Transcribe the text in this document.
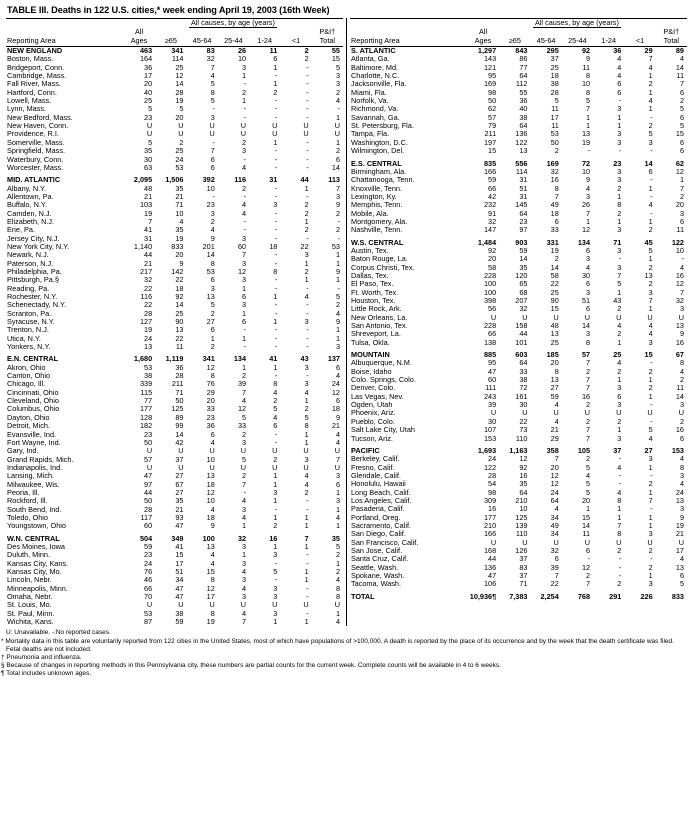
TABLE III. Deaths in 122 U.S. cities,* week ending April 19, 2003 (16th Week)
	All causes, by age (years)						
Reporting Area	All
Ages	≥65	45-64	25-44	1-24	<1	P&I†
Total

NEW ENGLAND	463	341	83	26	11	2	55
Boston, Mass.	164	114	32	10	6	2	15
Bridgeport, Conn.	36	25	7	3	1	-	5
Cambridge, Mass.	17	12	4	1	-	-	3
Fall River, Mass.	20	14	5	-	1	-	3
Hartford, Conn.	40	28	8	2	2	-	2
Lowell, Mass.	25	19	5	1	-	-	4
Lynn, Mass.	5	5	-	-	-	-	-
New Bedford, Mass.	23	20	3	-	-	-	1
New Haven, Conn.	U	U	U	U	U	U	U
Providence, R.I.	U	U	U	U	U	U	U
Somerville, Mass.	5	2	-	2	1	-	1
Springfield, Mass.	35	25	7	3	-	-	2
Waterbury, Conn.	30	24	6	-	-	-	6
Worcester, Mass.	63	53	6	4	-	-	14

MID. ATLANTIC	2,095	1,506	392	116	31	44	113
Albany, N.Y.	48	35	10	2	-	1	7
Allentown, Pa.	21	21	-	-	-	-	3
Buffalo, N.Y.	103	71	23	4	3	2	9
Camden, N.J.	19	10	3	4	-	2	2
Elizabeth, N.J.	7	4	2	-	-	1	-
Erie, Pa.	41	35	4	-	-	2	2
Jersey City, N.J.	31	19	9	3	-	-	-
New York City, N.Y.	1,140	833	201	60	18	22	53
Newark, N.J.	44	20	14	7	-	3	1
Paterson, N.J.	21	9	8	3	-	1	1
Philadelphia, Pa.	217	142	53	12	8	2	9
Pittsburgh, Pa.§	32	22	6	3	-	1	1
Reading, Pa.	22	18	3	1	-	-	-
Rochester, N.Y.	116	92	13	6	1	4	5
Schenectady, N.Y.	22	14	5	3	-	-	2
Scranton, Pa.	28	25	2	1	-	-	4
Syracuse, N.Y.	127	90	27	6	1	3	9
Trenton, N.J.	19	13	6	-	-	-	1
Utica, N.Y.	24	22	1	1	-	-	1
Yonkers, N.Y.	13	11	2	-	-	-	3

E.N. CENTRAL	1,680	1,119	341	134	41	43	137
Akron, Ohio	53	36	12	1	1	3	6
Canton, Ohio	38	28	8	2	-	-	4
Chicago, Ill.	339	211	76	39	8	3	24
Cincinnati, Ohio	115	71	29	7	4	4	12
Cleveland, Ohio	77	50	20	4	2	1	6
Columbus, Ohio	177	125	33	12	5	2	18
Dayton, Ohio	128	89	23	5	4	5	9
Detroit, Mich.	182	99	36	33	6	8	21
Evansville, Ind.	23	14	6	2	-	1	4
Fort Wayne, Ind.	50	42	4	3	-	1	4
Gary, Ind.	U	U	U	U	U	U	U
Grand Rapids, Mich.	57	37	10	5	2	3	7
Indianapolis, Ind.	U	U	U	U	U	U	U
Lansing, Mich.	47	27	13	2	1	4	3
Milwaukee, Wis.	97	67	18	7	1	4	6
Peoria, Ill.	44	27	12	-	3	2	1
Rockford, Ill.	50	35	10	4	1	-	3
South Bend, Ind.	28	21	4	3	-	-	1
Toledo, Ohio	117	93	18	4	1	1	4
Youngstown, Ohio	60	47	9	1	2	1	1

W.N. CENTRAL	504	349	100	32	16	7	35
Des Moines, Iowa	59	41	13	3	1	1	5
Duluth, Minn.	23	15	4	1	3	-	2
Kansas City, Kans.	24	17	4	3	-	-	1
Kansas City, Mo.	76	51	15	4	5	1	2
Lincoln, Nebr.	46	34	8	3	-	1	4
Minneapolis, Minn.	66	47	12	4	3	-	8
Omaha, Nebr.	70	47	17	3	3	-	8
St. Louis, Mo.	U	U	U	U	U	U	U
St. Paul, Minn.	53	38	8	4	3	-	1
Wichita, Kans.	87	59	19	7	1	1	4
	All causes, by age (years)						
Reporting Area	All
Ages	≥65	45-64	25-44	1-24	<1	P&I†
Total

S. ATLANTIC	1,297	843	295	92	36	29	89
Atlanta, Ga.	143	86	37	9	4	7	4
Baltimore, Md.	121	77	25	11	4	4	14
Charlotte, N.C.	95	64	18	8	4	1	11
Jacksonville, Fla.	169	112	38	10	6	2	7
Miami, Fla.	98	55	28	8	6	1	6
Norfolk, Va.	50	36	5	5	-	4	2
Richmond, Va.	62	40	11	7	3	1	5
Savannah, Ga.	57	38	17	1	1	-	6
St. Petersburg, Fla.	79	64	11	1	1	2	5
Tampa, Fla.	211	136	53	13	3	5	15
Washington, D.C.	197	122	50	19	3	3	6
Wilmington, Del.	15	13	2	-	-	-	6

E.S. CENTRAL	835	556	169	72	23	14	62
Birmingham, Ala.	166	114	32	10	3	6	12
Chattanooga, Tenn.	59	31	16	9	3	-	1
Knoxville, Tenn.	66	51	8	4	2	1	7
Lexington, Ky.	42	31	7	3	1	-	2
Memphis, Tenn.	232	145	49	26	8	4	20
Mobile, Ala.	91	64	18	7	2	-	3
Montgomery, Ala.	32	23	6	1	1	1	6
Nashville, Tenn.	147	97	33	12	3	2	11

W.S. CENTRAL	1,484	903	331	134	71	45	122
Austin, Tex.	92	59	19	6	3	5	10
Baton Rouge, La.	20	14	2	3	-	1	-
Corpus Christi, Tex.	58	35	14	4	3	2	4
Dallas, Tex.	228	120	58	30	7	13	16
El Paso, Tex.	100	65	22	6	5	2	12
Ft. Worth, Tex.	100	68	25	3	1	3	7
Houston, Tex.	398	207	90	51	43	7	32
Little Rock, Ark.	56	32	15	6	2	1	3
New Orleans, La.	U	U	U	U	U	U	U
San Antonio, Tex.	228	158	48	14	4	4	13
Shreveport, La.	66	44	13	3	2	4	9
Tulsa, Okla.	138	101	25	8	1	3	16

MOUNTAIN	885	603	185	57	25	15	67
Albuquerque, N.M.	95	64	20	7	4	-	8
Boise, Idaho	47	33	8	2	2	2	4
Colo. Springs, Colo.	60	38	13	7	1	1	2
Denver, Colo.	111	72	27	7	3	2	11
Las Vegas, Nev.	243	161	59	16	6	1	14
Ogden, Utah	39	30	4	2	3	-	3
Phoenix, Ariz.	U	U	U	U	U	U	U
Pueblo, Colo.	30	22	4	2	2	-	2
Salt Lake City, Utah	107	73	21	7	1	5	16
Tucson, Ariz.	153	110	29	7	3	4	6

PACIFIC	1,693	1,163	358	105	37	27	153
Berkeley, Calif.	24	12	7	2	-	3	4
Fresno, Calif.	122	92	20	5	4	1	8
Glendale, Calif.	28	16	12	4	-	-	3
Honolulu, Hawaii	54	35	12	5	-	2	4
Long Beach, Calif.	98	64	24	5	4	1	24
Los Angeles, Calif.	309	210	64	20	8	7	13
Pasadena, Calif.	16	10	4	1	1	-	3
Portland, Oreg.	177	125	34	15	1	1	9
Sacramento, Calif.	210	139	49	14	7	1	19
San Diego, Calif.	166	110	34	11	8	3	21
San Francisco, Calif.	U	U	U	U	U	U	U
San Jose, Calif.	168	126	32	6	2	2	17
Santa Cruz, Calif.	44	37	6	-	-	-	4
Seattle, Wash.	136	83	39	12	-	2	13
Spokane, Wash.	47	37	7	2	-	1	6
Tacoma, Wash.	106	71	22	7	2	3	5

TOTAL	10,936¶	7,383	2,254	768	291	226	833

U: Unavailable. -:No reported cases.

* Mortality data in this table are voluntarily reported from 122 cities in the United States, most of which have populations of >100,000. A death is reported by the place of its occurrence and by the week that the death certificate was filed. Fetal deaths are not included.

† Pneumonia and influenza.

§ Because of changes in reporting methods in this Pennsylvania city, these numbers are partial counts for the current week. Complete counts will be available in 4 to 6 weeks.

¶ Total includes unknown ages.
